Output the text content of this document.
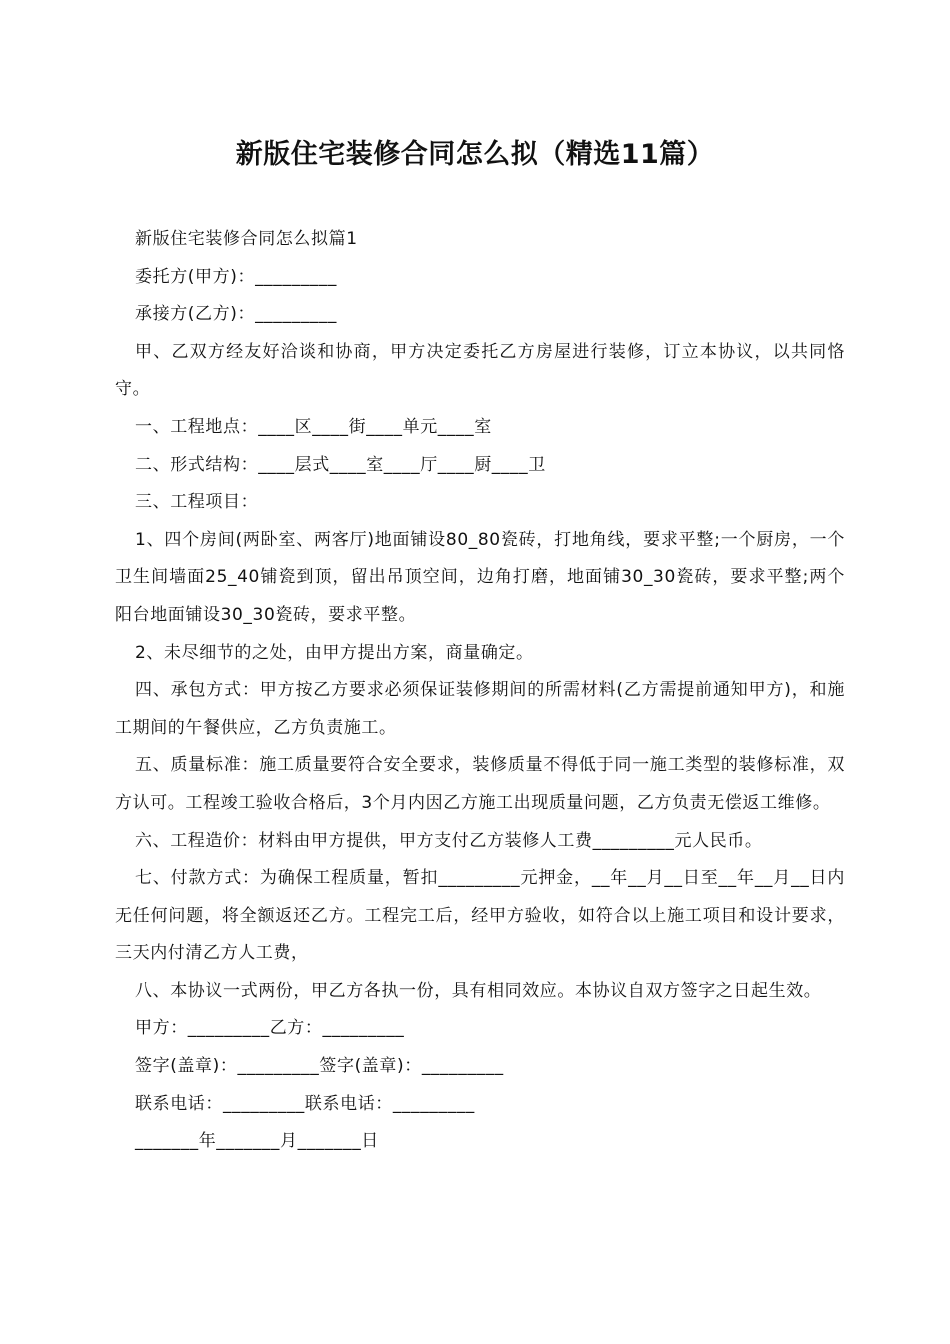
新版住宅装修合同怎么拟（精选11篇）

新版住宅装修合同怎么拟篇1

委托方(甲方)：_________

承接方(乙方)：_________

甲、乙双方经友好洽谈和协商，甲方决定委托乙方房屋进行装修，订立本协议，以共同恪守。

一、工程地点：____区____街____单元____室

二、形式结构：____层式____室____厅____厨____卫

三、工程项目：

1、四个房间(两卧室、两客厅)地面铺设80_80瓷砖，打地角线，要求平整;一个厨房，一个卫生间墙面25_40铺瓷到顶，留出吊顶空间，边角打磨，地面铺30_30瓷砖，要求平整;两个阳台地面铺设30_30瓷砖，要求平整。

2、未尽细节的之处，由甲方提出方案，商量确定。

四、承包方式：甲方按乙方要求必须保证装修期间的所需材料(乙方需提前通知甲方)，和施工期间的午餐供应，乙方负责施工。

五、质量标准：施工质量要符合安全要求，装修质量不得低于同一施工类型的装修标准，双方认可。工程竣工验收合格后，3个月内因乙方施工出现质量问题，乙方负责无偿返工维修。

六、工程造价：材料由甲方提供，甲方支付乙方装修人工费_________元人民币。

七、付款方式：为确保工程质量，暂扣_________元押金，__年__月__日至__年__月__日内无任何问题，将全额返还乙方。工程完工后，经甲方验收，如符合以上施工项目和设计要求，三天内付清乙方人工费，

八、本协议一式两份，甲乙方各执一份，具有相同效应。本协议自双方签字之日起生效。

甲方：_________乙方：_________

签字(盖章)：_________签字(盖章)：_________

联系电话：_________联系电话：_________

_______年_______月_______日
